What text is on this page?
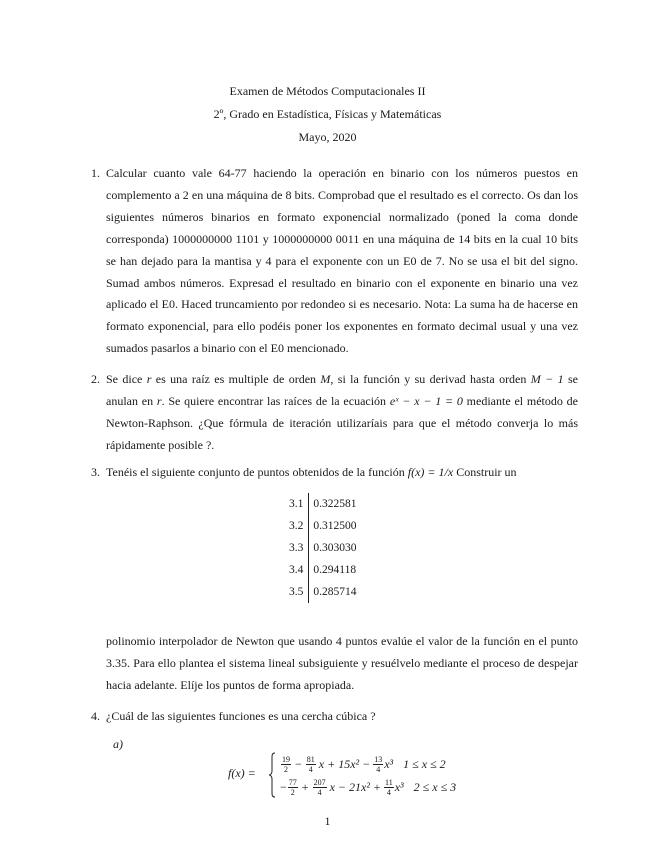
Examen de Métodos Computacionales II
2º, Grado en Estadística, Físicas y Matemáticas
Mayo, 2020
1. Calcular cuanto vale 64-77 haciendo la operación en binario con los números puestos en complemento a 2 en una máquina de 8 bits. Comprobad que el resultado es el correcto. Os dan los siguientes números binarios en formato exponencial normalizado (poned la coma donde corresponda) 1000000000 1101 y 1000000000 0011 en una máquina de 14 bits en la cual 10 bits se han dejado para la mantisa y 4 para el exponente con un E0 de 7. No se usa el bit del signo. Sumad ambos números. Expresad el resultado en binario con el exponente en binario una vez aplicado el E0. Haced truncamiento por redondeo si es necesario. Nota: La suma ha de hacerse en formato exponencial, para ello podéis poner los exponentes en formato decimal usual y una vez sumados pasarlos a binario con el E0 mencionado.
2. Se dice r es una raíz es multiple de orden M, si la función y su derivad hasta orden M − 1 se anulan en r. Se quiere encontrar las raíces de la ecuación eˣ − x − 1 = 0 mediante el método de Newton-Raphson. ¿Que fórmula de iteración utilizaríais para que el método converja lo más rápidamente posible ?.
3. Tenéis el siguiente conjunto de puntos obtenidos de la función f(x) = 1/x Construir un
3.1	0.322581
3.2	0.312500
3.3	0.303030
3.4	0.294118
3.5	0.285714
polinomio interpolador de Newton que usando 4 puntos evalúe el valor de la función en el punto 3.35. Para ello plantea el sistema lineal subsiguiente y resuélvelo mediante el proceso de despejar hacia adelante. Elíje los puntos de forma apropiada.
4. ¿Cuál de las siguientes funciones es una cercha cúbica ?
a)
f(x) =	$\frac{19}{2} - \frac{81}{4}$ $x + 15x^2 - \frac{13}{4} x^3$ 1 ≤ x ≤ 2
− $\frac{77}{2} + \frac{207}{4}$ $x - 21x^2 + \frac{11}{4} x^3$ 2 ≤ x ≤ 3
1
